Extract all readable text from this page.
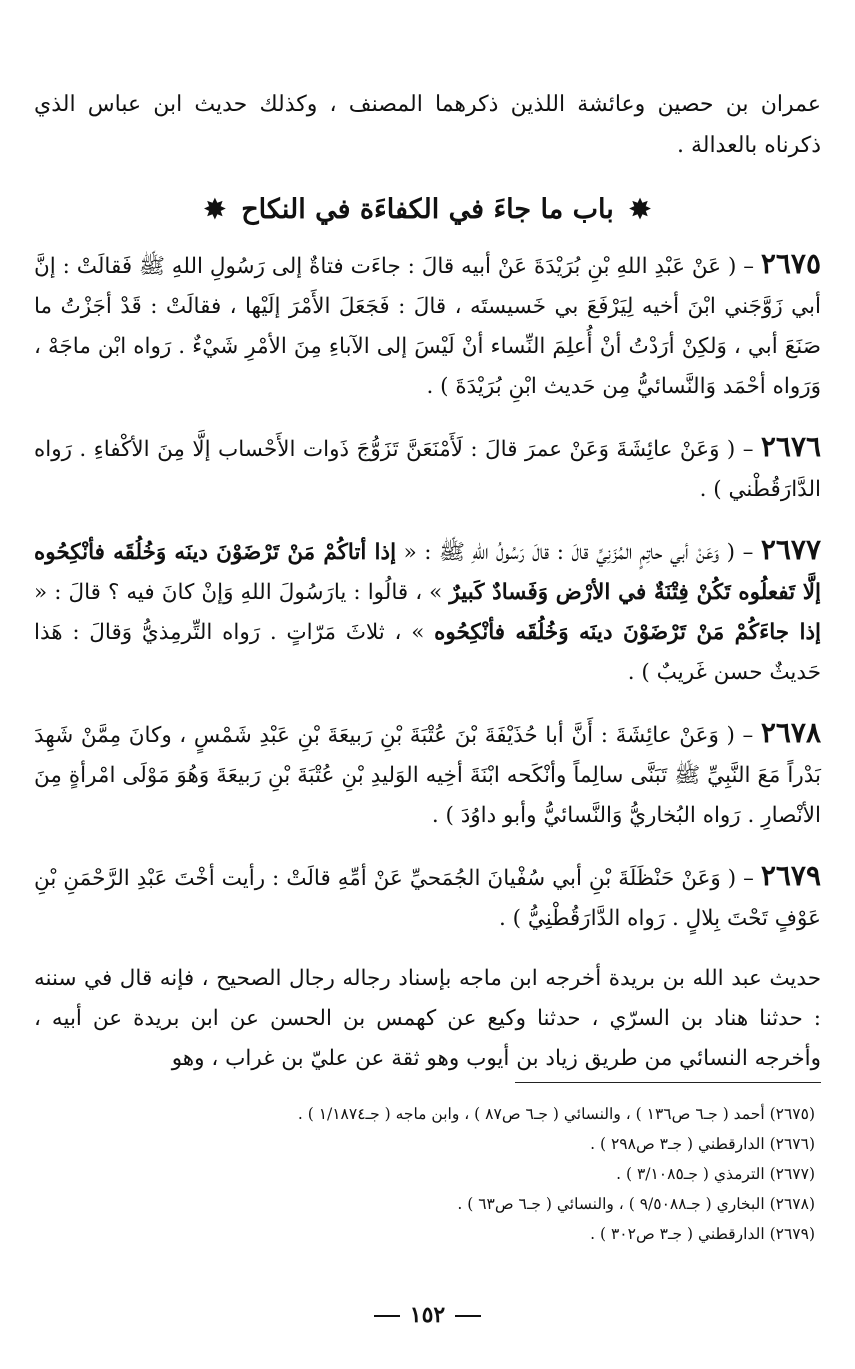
عمران بن حصين وعائشة اللذين ذكرهما المصنف ، وكذلك حديث ابن عباس الذي ذكرناه بالعدالة .

✸ باب ما جاءَ في الكفاءَة في النكاح ✸

٢٦٧٥ – ( عَنْ عَبْدِ اللهِ بْنِ بُرَيْدَةَ عَنْ أبيه قالَ : جاءَت فتاةٌ إلى رَسُولِ اللهِ ﷺ فَقالَتْ : إنَّ أبي زَوَّجَني ابْنَ أخيه لِيَرْفَعَ بي خَسيستَه ، قالَ : فَجَعَلَ الأَمْرَ إلَيْها ، فقالَتْ : قَدْ أجَزْتُ ما صَنَعَ أبي ، وَلكِنْ أرَدْتُ أنْ أُعلِمَ النِّساء أنْ لَيْسَ إلى الآباءِ مِنَ الأمْرِ شَيْءٌ . رَواه ابْن ماجَهْ ، وَرَواه أحْمَد وَالنَّسائيُّ مِن حَديث ابْنِ بُرَيْدَةَ ) .

٢٦٧٦ – ( وَعَنْ عائِشَةَ وَعَنْ عمرَ قالَ : لَأَمْنَعَنَّ تَزَوُّجَ ذَوات الأَحْساب إلَّا مِنَ الأكْفاءِ . رَواه الدَّارَقُطْني ) .

٢٦٧٧ – ( وَعَنْ أبي حاتِمٍ المُزَنِيِّ قالَ : قالَ رَسُولُ اللهِ ﷺ : « إذا أتاكُمْ مَنْ تَرْضَوْنَ دينَه وَخُلُقَه فأنْكِحُوه إلَّا تَفعلُوه تَكُنْ فِتْنَةٌ في الأرْض وَفَسادٌ كَبيرٌ » ، قالُوا : يارَسُولَ اللهِ وَإنْ كانَ فيه ؟ قالَ : « إذا جاءَكُمْ مَنْ تَرْضَوْنَ دينَه وَخُلُقَه فأنْكِحُوه » ، ثلاثَ مَرّاتٍ . رَواه التِّرمِذيُّ وَقالَ : هَذا حَديثٌ حسن غَريبٌ ) .

٢٦٧٨ – ( وَعَنْ عائِشَةَ : أَنَّ أبا حُذَيْفَةَ بْنَ عُتْبَةَ بْنِ رَبيعَةَ بْنِ عَبْدِ شَمْسٍ ، وكانَ مِمَّنْ شَهِدَ بَدْراً مَعَ النَّبِيِّ ﷺ تَبَنَّى سالِماً وأنْكَحه ابْنَةَ أخِيه الوَليدِ بْنِ عُتْبَةَ بْنِ رَبيعَةَ وَهُوَ مَوْلَى امْرأةٍ مِنَ الأنْصارِ . رَواه البُخاريُّ وَالنَّسائيُّ وأبو داوُدَ ) .

٢٦٧٩ – ( وَعَنْ حَنْظَلَةَ بْنِ أبي سُفْيانَ الجُمَحيِّ عَنْ أمِّهِ قالَتْ : رأيت أخْتَ عَبْدِ الرَّحْمَنِ بْنِ عَوْفٍ تَحْتَ بِلالٍ . رَواه الدَّارَقُطْنِيُّ ) .

حديث عبد الله بن بريدة أخرجه ابن ماجه بإسناد رجاله رجال الصحيح ، فإنه قال في سننه : حدثنا هناد بن السرّي ، حدثنا وكيع عن كهمس بن الحسن عن ابن بريدة عن أبيه ، وأخرجه النسائي من طريق زياد بن أيوب وهو ثقة عن عليّ بن غراب ، وهو

(٢٦٧٥) أحمد ( جـ٦ ص١٣٦ ) ، والنسائي ( جـ٦ ص٨٧ ) ، وابن ماجه ( جـ١/١٨٧٤ ) .
(٢٦٧٦) الدارقطني ( جـ٣ ص٢٩٨ ) .
(٢٦٧٧) الترمذي ( جـ٣/١٠٨٥ ) .
(٢٦٧٨) البخاري ( جـ٩/٥٠٨٨ ) ، والنسائي ( جـ٦ ص٦٣ ) .
(٢٦٧٩) الدارقطني ( جـ٣ ص٣٠٢ ) .
١٥٢
